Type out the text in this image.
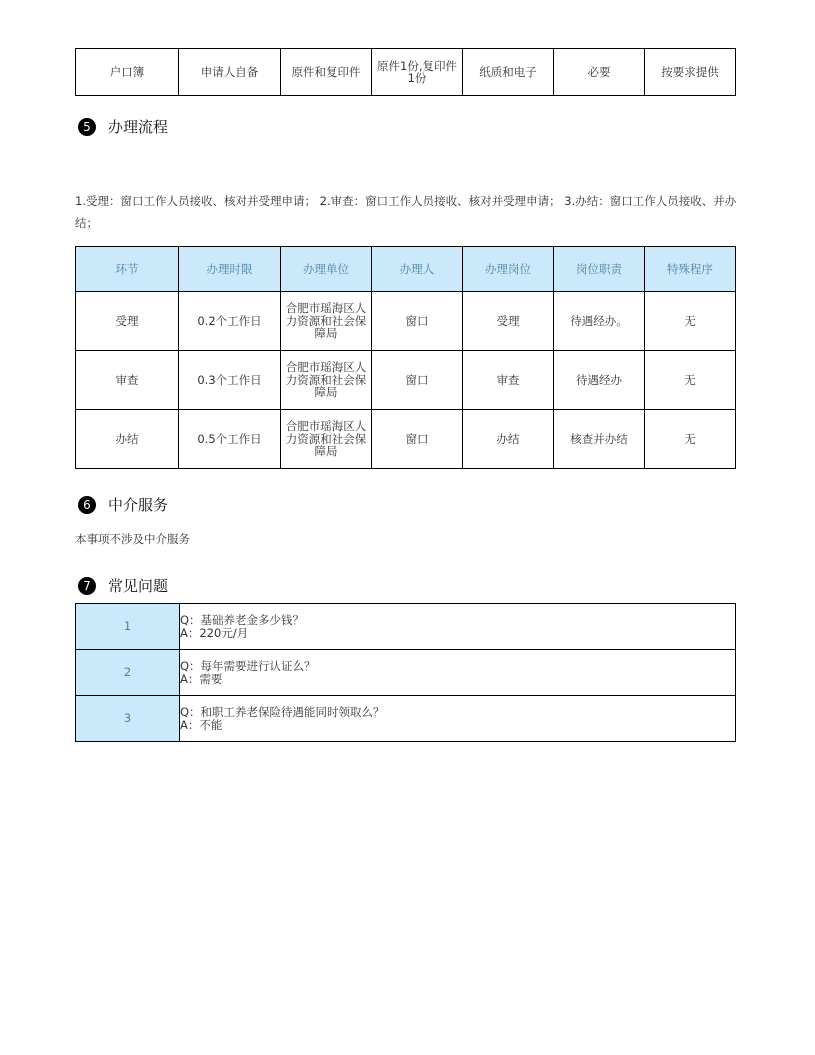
户口簿	申请人自备	原件和复印件	原件1份,复印件1份	纸质和电子	必要	按要求提供
5	办理流程
1.受理：窗口工作人员接收、核对并受理申请； 2.审查：窗口工作人员接收、核对并受理申请； 3.办结：窗口工作人员接收、并办结；
环节	办理时限	办理单位	办理人	办理岗位	岗位职责	特殊程序
受理	0.2个工作日	合肥市瑶海区人力资源和社会保障局	窗口	受理	待遇经办。	无
审查	0.3个工作日	合肥市瑶海区人力资源和社会保障局	窗口	审查	待遇经办	无
办结	0.5个工作日	合肥市瑶海区人力资源和社会保障局	窗口	办结	核查并办结	无
6	中介服务
本事项不涉及中介服务
7	常见问题
1	Q：基础养老金多少钱？
A：220元/月

2	Q：每年需要进行认证么？
A：需要

3	Q：和职工养老保险待遇能同时领取么？
A：不能
